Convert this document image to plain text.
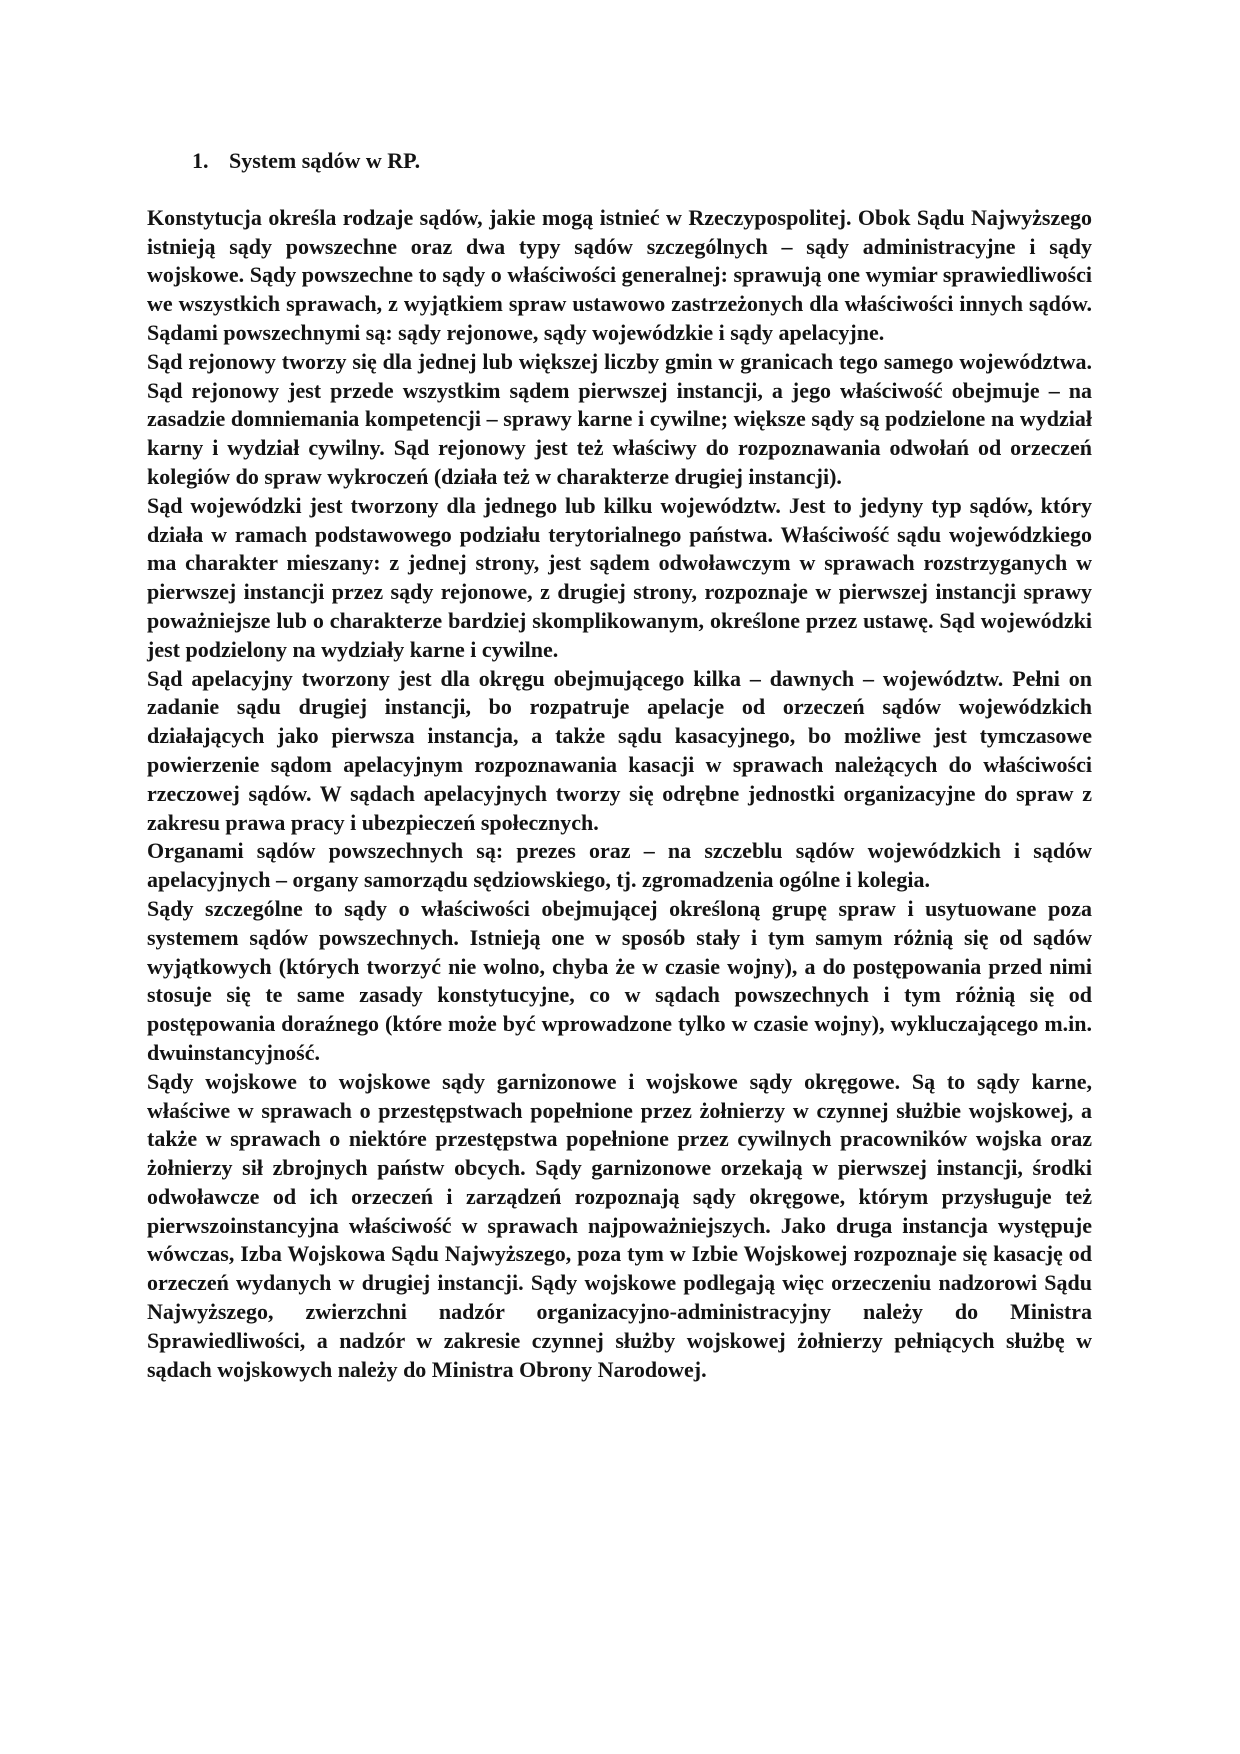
1. System sądów w RP.

Konstytucja określa rodzaje sądów, jakie mogą istnieć w Rzeczypospolitej. Obok Sądu Najwyższego istnieją sądy powszechne oraz dwa typy sądów szczególnych – sądy administracyjne i sądy wojskowe. Sądy powszechne to sądy o właściwości generalnej: sprawują one wymiar sprawiedliwości we wszystkich sprawach, z wyjątkiem spraw ustawowo zastrzeżonych dla właściwości innych sądów. Sądami powszechnymi są: sądy rejonowe, sądy wojewódzkie i sądy apelacyjne.

Sąd rejonowy tworzy się dla jednej lub większej liczby gmin w granicach tego samego województwa. Sąd rejonowy jest przede wszystkim sądem pierwszej instancji, a jego właściwość obejmuje – na zasadzie domniemania kompetencji – sprawy karne i cywilne; większe sądy są podzielone na wydział karny i wydział cywilny. Sąd rejonowy jest też właściwy do rozpoznawania odwołań od orzeczeń kolegiów do spraw wykroczeń (działa też w charakterze drugiej instancji).

Sąd wojewódzki jest tworzony dla jednego lub kilku województw. Jest to jedyny typ sądów, który działa w ramach podstawowego podziału terytorialnego państwa. Właściwość sądu wojewódzkiego ma charakter mieszany: z jednej strony, jest sądem odwoławczym w sprawach rozstrzyganych w pierwszej instancji przez sądy rejonowe, z drugiej strony, rozpoznaje w pierwszej instancji sprawy poważniejsze lub o charakterze bardziej skomplikowanym, określone przez ustawę. Sąd wojewódzki jest podzielony na wydziały karne i cywilne.

Sąd apelacyjny tworzony jest dla okręgu obejmującego kilka – dawnych – województw. Pełni on zadanie sądu drugiej instancji, bo rozpatruje apelacje od orzeczeń sądów wojewódzkich działających jako pierwsza instancja, a także sądu kasacyjnego, bo możliwe jest tymczasowe powierzenie sądom apelacyjnym rozpoznawania kasacji w sprawach należących do właściwości rzeczowej sądów. W sądach apelacyjnych tworzy się odrębne jednostki organizacyjne do spraw z zakresu prawa pracy i ubezpieczeń społecznych.

Organami sądów powszechnych są: prezes oraz – na szczeblu sądów wojewódzkich i sądów apelacyjnych – organy samorządu sędziowskiego, tj. zgromadzenia ogólne i kolegia.

Sądy szczególne to sądy o właściwości obejmującej określoną grupę spraw i usytuowane poza systemem sądów powszechnych. Istnieją one w sposób stały i tym samym różnią się od sądów wyjątkowych (których tworzyć nie wolno, chyba że w czasie wojny), a do postępowania przed nimi stosuje się te same zasady konstytucyjne, co w sądach powszechnych i tym różnią się od postępowania doraźnego (które może być wprowadzone tylko w czasie wojny), wykluczającego m.in. dwuinstancyjność.

Sądy wojskowe to wojskowe sądy garnizonowe i wojskowe sądy okręgowe. Są to sądy karne, właściwe w sprawach o przestępstwach popełnione przez żołnierzy w czynnej służbie wojskowej, a także w sprawach o niektóre przestępstwa popełnione przez cywilnych pracowników wojska oraz żołnierzy sił zbrojnych państw obcych. Sądy garnizonowe orzekają w pierwszej instancji, środki odwoławcze od ich orzeczeń i zarządzeń rozpoznają sądy okręgowe, którym przysługuje też pierwszoinstancyjna właściwość w sprawach najpoważniejszych. Jako druga instancja występuje wówczas, Izba Wojskowa Sądu Najwyższego, poza tym w Izbie Wojskowej rozpoznaje się kasację od orzeczeń wydanych w drugiej instancji. Sądy wojskowe podlegają więc orzeczeniu nadzorowi Sądu Najwyższego, zwierzchni nadzór organizacyjno-administracyjny należy do Ministra Sprawiedliwości, a nadzór w zakresie czynnej służby wojskowej żołnierzy pełniących służbę w sądach wojskowych należy do Ministra Obrony Narodowej.
